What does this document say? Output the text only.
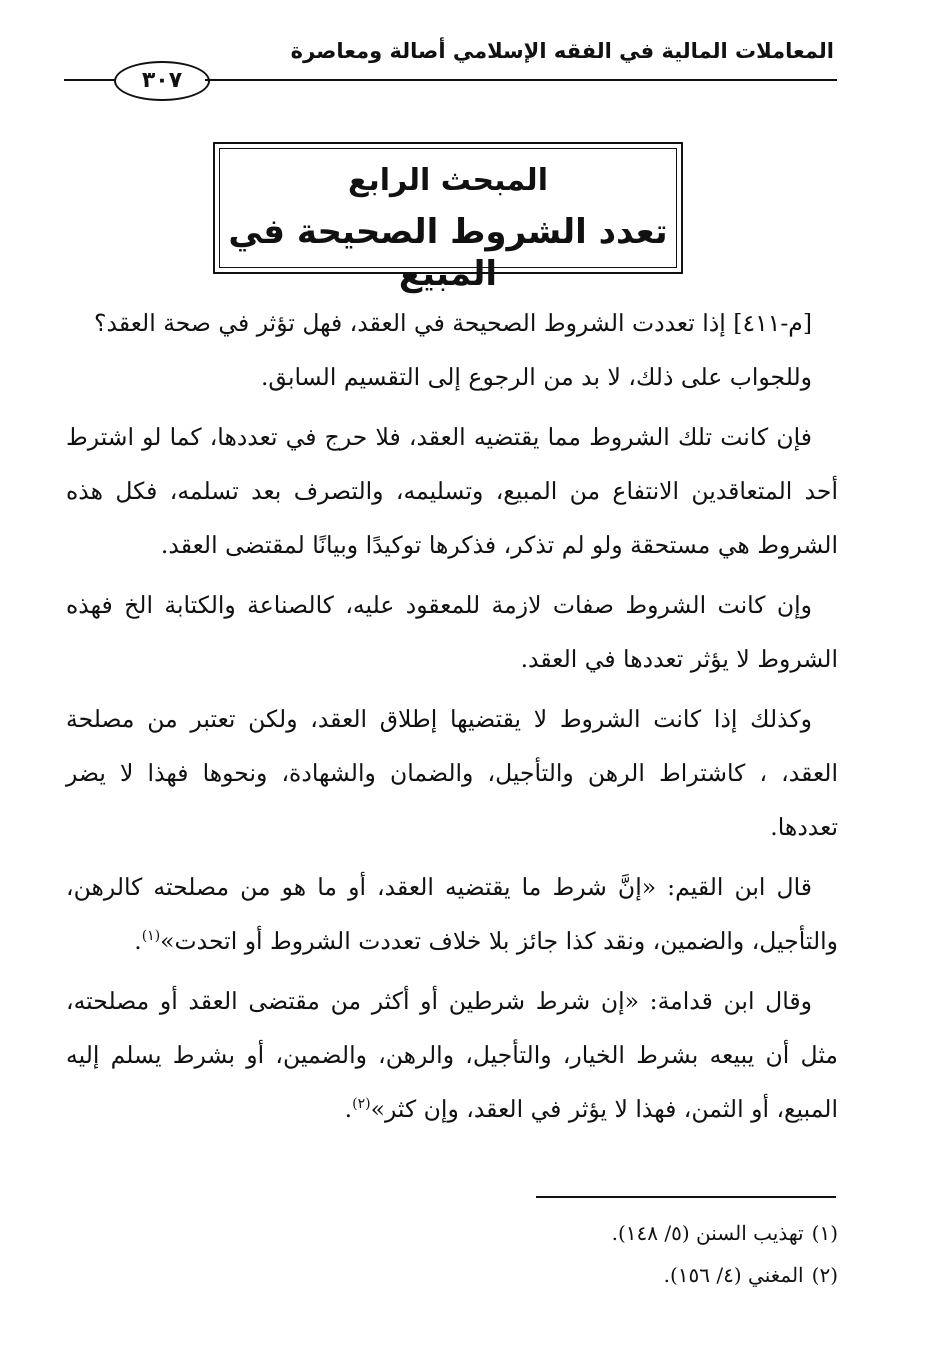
المعاملات المالية في الفقه الإسلامي أصالة ومعاصرة
٣٠٧
المبحث الرابع
تعدد الشروط الصحيحة في المبيع

[م-٤١١] إذا تعددت الشروط الصحيحة في العقد، فهل تؤثر في صحة العقد؟

وللجواب على ذلك، لا بد من الرجوع إلى التقسيم السابق.

فإن كانت تلك الشروط مما يقتضيه العقد، فلا حرج في تعددها، كما لو اشترط أحد المتعاقدين الانتفاع من المبيع، وتسليمه، والتصرف بعد تسلمه، فكل هذه الشروط هي مستحقة ولو لم تذكر، فذكرها توكيدًا وبيانًا لمقتضى العقد.

وإن كانت الشروط صفات لازمة للمعقود عليه، كالصناعة والكتابة الخ فهذه الشروط لا يؤثر تعددها في العقد.

وكذلك إذا كانت الشروط لا يقتضيها إطلاق العقد، ولكن تعتبر من مصلحة العقد، ، كاشتراط الرهن والتأجيل، والضمان والشهادة، ونحوها فهذا لا يضر تعددها.

قال ابن القيم: «إنَّ شرط ما يقتضيه العقد، أو ما هو من مصلحته كالرهن، والتأجيل، والضمين، ونقد كذا جائز بلا خلاف تعددت الشروط أو اتحدت»$^{(١)}$.

وقال ابن قدامة: «إن شرط شرطين أو أكثر من مقتضى العقد أو مصلحته، مثل أن يبيعه بشرط الخيار، والتأجيل، والرهن، والضمين، أو بشرط يسلم إليه المبيع، أو الثمن، فهذا لا يؤثر في العقد، وإن كثر»$^{(٢)}$.

(١)تهذيب السنن (٥/ ١٤٨).
(٢)المغني (٤/ ١٥٦).
